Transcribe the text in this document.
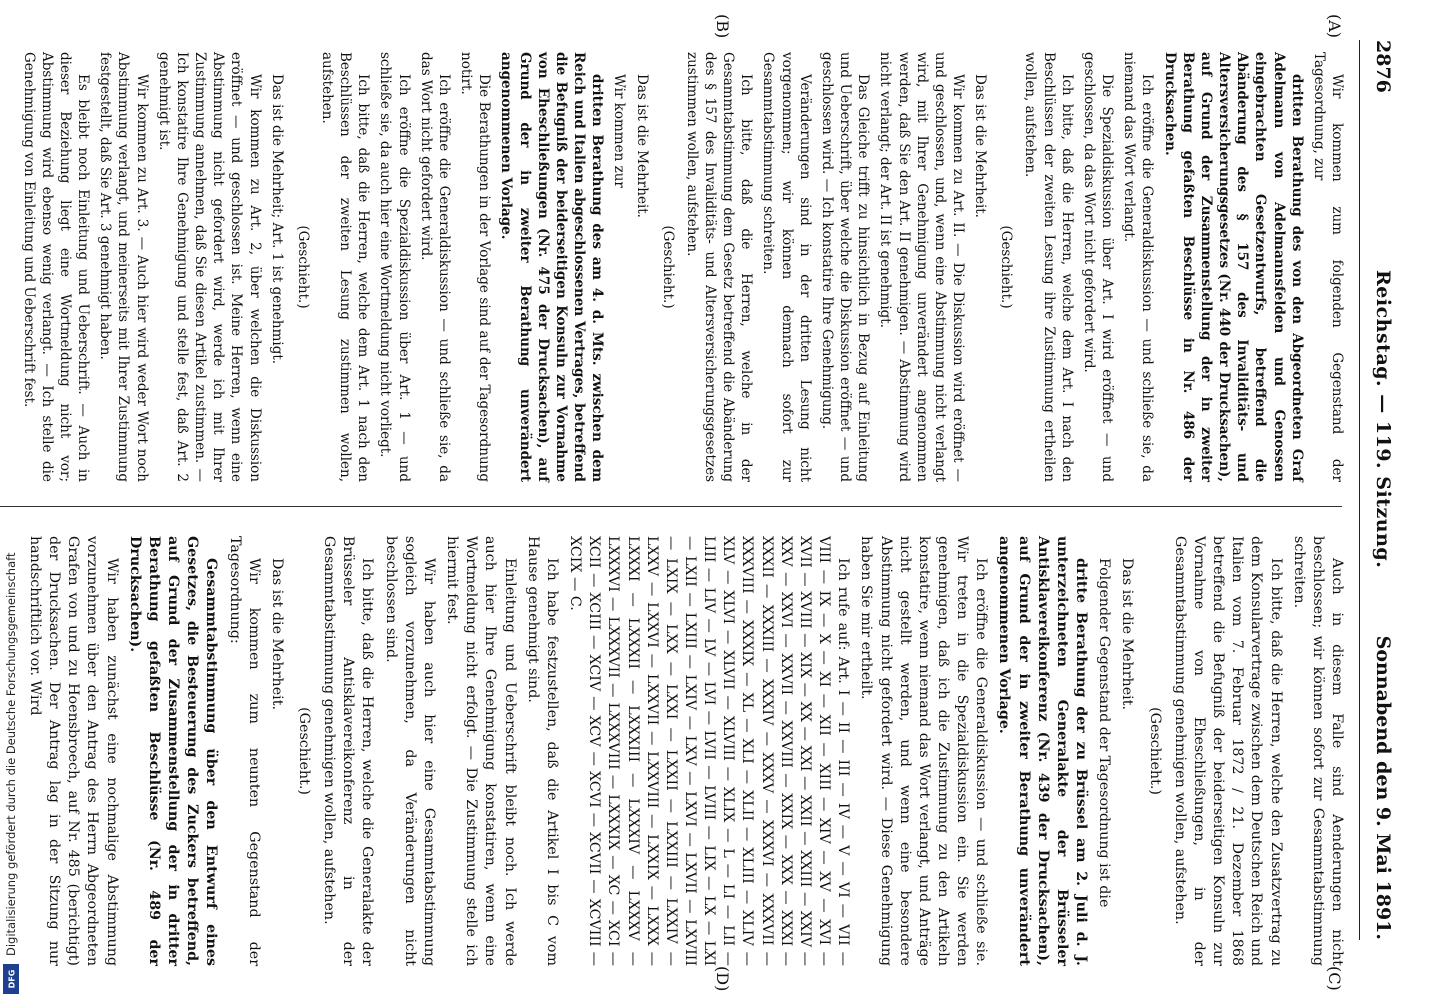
2876
Reichstag. — 119. Sitzung.
Sonnabend den 9. Mai 1891.
(A)
(B)
(C)
(D)

Wir kommen zum folgenden Gegenstand der Tagesordnung, zur

dritten Berathung des von den Abgeordneten Graf Adelmann von Adelmannsfelden und Genossen eingebrachten Gesetzentwurfs, betreffend die Abänderung des § 157 des Invaliditäts- und Altersversicherungsgesetzes (Nr. 440 der Drucksachen), auf Grund der Zusammenstellung der in zweiter Berathung gefaßten Beschlüsse in Nr. 486 der Drucksachen.

Ich eröffne die Generaldiskussion — und schließe sie, da niemand das Wort verlangt.

Die Spezialdiskussion über Art. I wird eröffnet — und geschlossen, da das Wort nicht gefordert wird.

Ich bitte, daß die Herren, welche dem Art. I nach den Beschlüssen der zweiten Lesung ihre Zustimmung ertheilen wollen, aufstehen.

(Geschieht.)

Das ist die Mehrheit.

Wir kommen zu Art. II. — Die Diskussion wird eröffnet — und geschlossen, und, wenn eine Abstimmung nicht verlangt wird, mit Ihrer Genehmigung unverändert angenommen werden, daß Sie den Art. II genehmigen. — Abstimmung wird nicht verlangt; der Art. II ist genehmigt.

Das Gleiche trifft zu hinsichtlich in Bezug auf Einleitung und Ueberschrift, über welche die Diskussion eröffnet — und geschlossen wird. — Ich konstatire Ihre Genehmigung.

Veränderungen sind in der dritten Lesung nicht vorgenommen; wir können demnach sofort zur Gesammtabstimmung schreiten.

Ich bitte, daß die Herren, welche in der Gesammtabstimmung dem Gesetz betreffend die Abänderung des § 157 des Invaliditäts- und Altersversicherungsgesetzes zustimmen wollen, aufstehen.

(Geschieht.)

Das ist die Mehrheit.

Wir kommen zur

dritten Berathung des am 4. d. Mts. zwischen dem Reich und Italien abgeschlossenen Vertrages, betreffend die Befugniß der beiderseitigen Konsuln zur Vornahme von Eheschließungen (Nr. 475 der Drucksachen), auf Grund der in zweiter Berathung unverändert angenommenen Vorlage.

Die Berathungen in der Vorlage sind auf der Tagesordnung notirt.

Ich eröffne die Generaldiskussion — und schließe sie, da das Wort nicht gefordert wird.

Ich eröffne die Spezialdiskussion über Art. 1 — und schließe sie, da auch hier eine Wortmeldung nicht vorliegt.

Ich bitte, daß die Herren, welche dem Art. 1 nach den Beschlüssen der zweiten Lesung zustimmen wollen, aufstehen.

(Geschieht.)

Das ist die Mehrheit; Art. 1 ist genehmigt.

Wir kommen zu Art. 2, über welchen die Diskussion eröffnet — und geschlossen ist. Meine Herren, wenn eine Abstimmung nicht gefordert wird, werde ich mit Ihrer Zustimmung annehmen, daß Sie diesen Artikel zustimmen. — Ich konstatire Ihre Genehmigung und stelle fest, daß Art. 2 genehmigt ist.

Wir kommen zu Art. 3. — Auch hier wird weder Wort noch Abstimmung verlangt, und meinerseits mit Ihrer Zustimmung festgestellt, daß Sie Art. 3 genehmigt haben.

Es bleibt noch Einleitung und Ueberschrift. — Auch in dieser Beziehung liegt eine Wortmeldung nicht vor; Abstimmung wird ebenso wenig verlangt. — Ich stelle die Genehmigung von Einleitung und Ueberschrift fest.

Auch in diesem Falle sind Aenderungen nicht beschlossen; wir können sofort zur Gesammtabstimmung schreiten.

Ich bitte, daß die Herren, welche den Zusatzvertrag zu dem Konsularvertrage zwischen dem Deutschen Reich und Italien vom 7. Februar 1872 / 21. Dezember 1868 betreffend die Befugniß der beiderseitigen Konsuln zur Vornahme von Eheschließungen, in der Gesammtabstimmung genehmigen wollen, aufstehen.

(Geschieht.)

Das ist die Mehrheit.

Folgender Gegenstand der Tagesordnung ist die

dritte Berathung der zu Brüssel am 2. Juli d. J. unterzeichneten Generalakte der Brüsseler Antisklavereikonferenz (Nr. 439 der Drucksachen), auf Grund der in zweiter Berathung unverändert angenommenen Vorlage.

Ich eröffne die Generaldiskussion — und schließe sie. Wir treten in die Spezialdiskussion ein. Sie werden genehmigen, daß ich die Zustimmung zu den Artikeln konstatire, wenn niemand das Wort verlangt, und Anträge nicht gestellt werden, und wenn eine besondere Abstimmung nicht gefordert wird. — Diese Genehmigung haben Sie mir ertheilt.

Ich rufe auf: Art. I — II — III — IV — V — VI — VII — VIII — IX — X — XI — XII — XIII — XIV — XV — XVI — XVII — XVIII — XIX — XX — XXI — XXII — XXIII — XXIV — XXV — XXVI — XXVII — XXVIII — XXIX — XXX — XXXI — XXXII — XXXIII — XXXIV — XXXV — XXXVI — XXXVII — XXXVIII — XXXIX — XL — XLI — XLII — XLIII — XLIV — XLV — XLVI — XLVII — XLVIII — XLIX — L — LI — LII — LIII — LIV — LV — LVI — LVII — LVIII — LIX — LX — LXI — LXII — LXIII — LXIV — LXV — LXVI — LXVII — LXVIII — LXIX — LXX — LXXI — LXXII — LXXIII — LXXIV — LXXV — LXXVI — LXXVII — LXXVIII — LXXIX — LXXX — LXXXI — LXXXII — LXXXIII — LXXXIV — LXXXV — LXXXVI — LXXXVII — LXXXVIII — LXXXIX — XC — XCI — XCII — XCIII — XCIV — XCV — XCVI — XCVII — XCVIII — XCIX — C.

Ich habe festzustellen, daß die Artikel I bis C vom Hause genehmigt sind.

Einleitung und Ueberschrift bleibt noch. Ich werde auch hier Ihre Genehmigung konstatiren, wenn eine Wortmeldung nicht erfolgt. — Die Zustimmung stelle ich hiermit fest.

Wir haben auch hier eine Gesammtabstimmung sogleich vorzunehmen, da Veränderungen nicht beschlossen sind.

Ich bitte, daß die Herren, welche die Generalakte der Brüsseler Antisklavereikonferenz in der Gesammtabstimmung genehmigen wollen, aufstehen.

(Geschieht.)

Das ist die Mehrheit.

Wir kommen zum neunten Gegenstand der Tagesordnung:

Gesammtabstimmung über den Entwurf eines Gesetzes, die Besteuerung des Zuckers betreffend, auf Grund der Zusammenstellung der in dritter Berathung gefaßten Beschlüsse (Nr. 489 der Drucksachen).

Wir haben zunächst eine nochmalige Abstimmung vorzunehmen über den Antrag des Herrn Abgeordneten Grafen von und zu Hoensbroech, auf Nr. 485 (berichtigt) der Drucksachen. Der Antrag lag in der Sitzung nur handschriftlich vor. Wird

Digitalisierung gefördert durch die Deutsche Forschungsgemeinschaft
DFG
